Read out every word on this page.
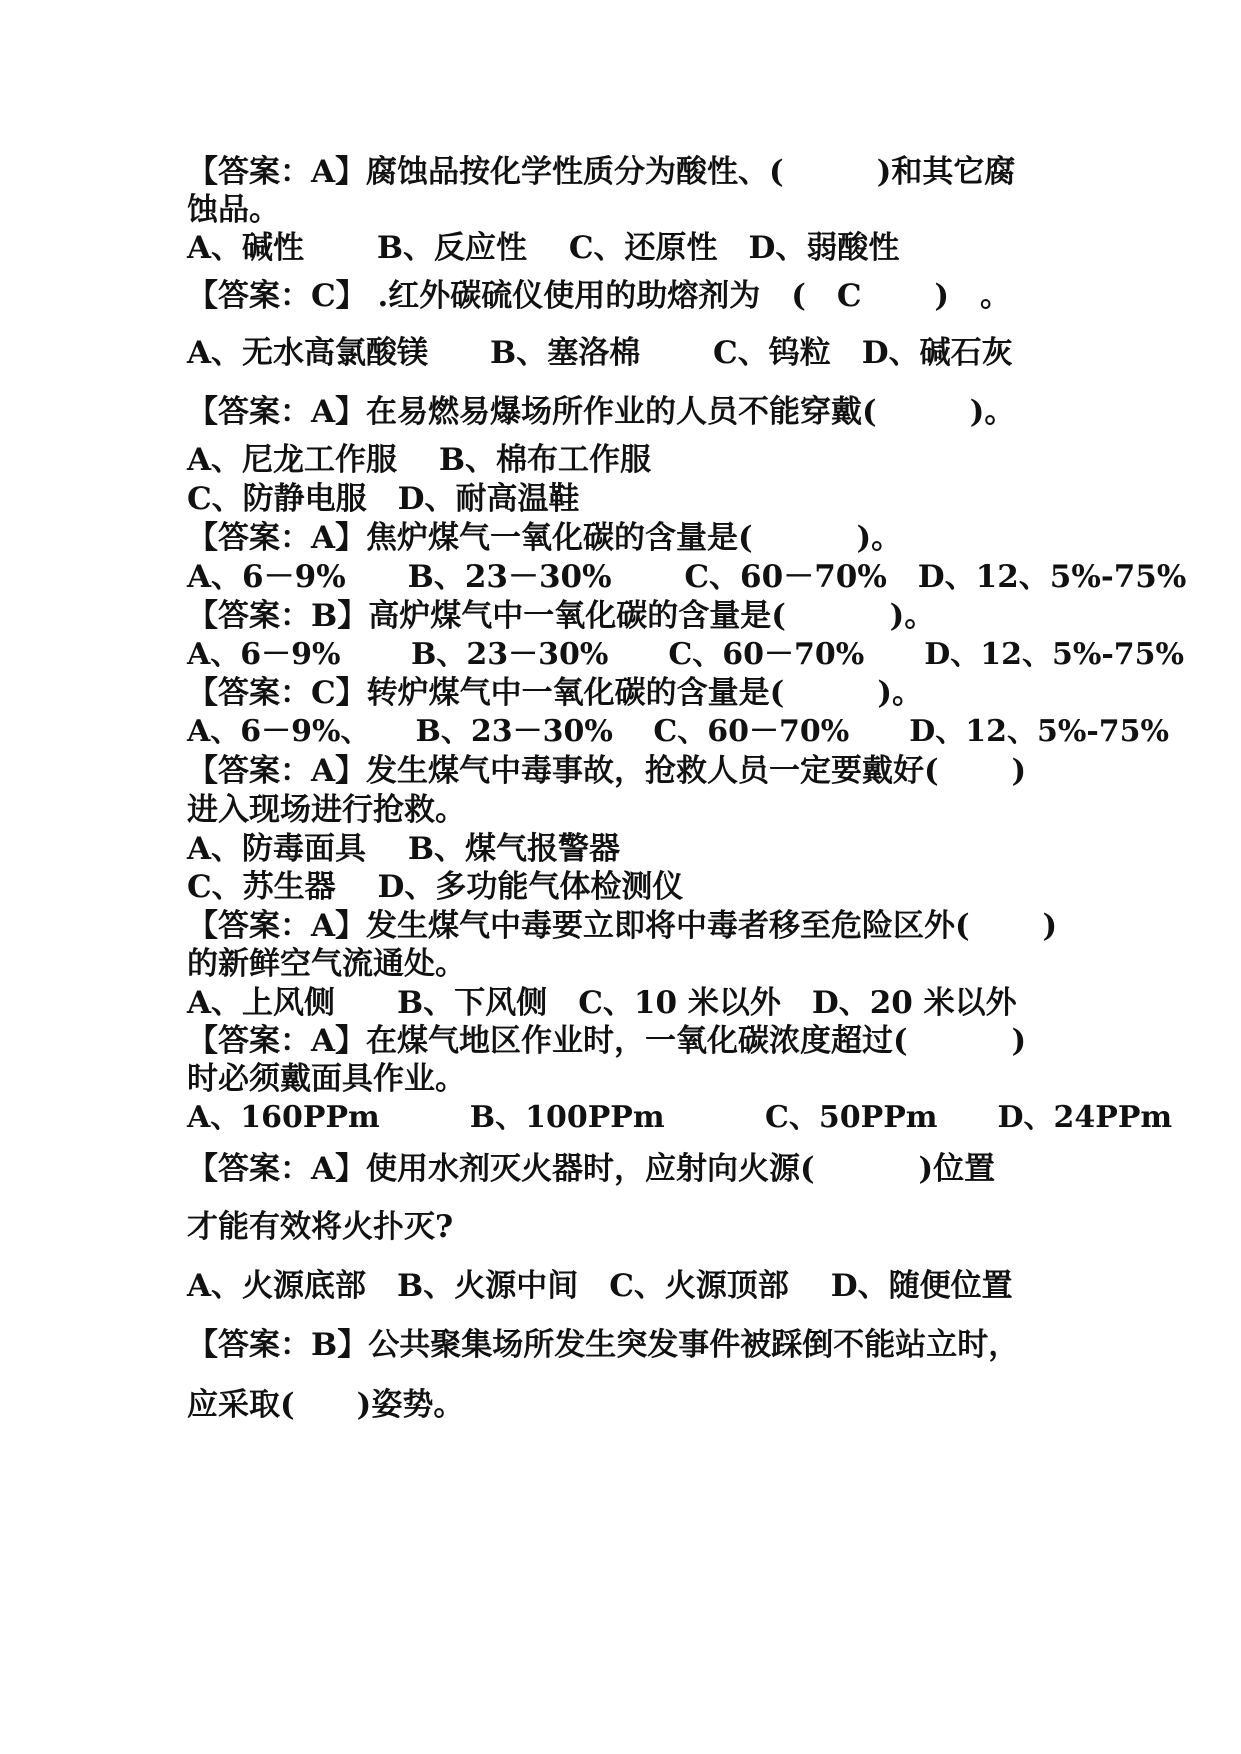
【答案：A】腐蚀品按化学性质分为酸性、(　　　)和其它腐

蚀品。

A、碱性　　 B、反应性　 C、还原性　D、弱酸性

【答案：C】 .红外碳硫仪使用的助熔剂为　(　C　　 )　。

A、无水高氯酸镁　　B、塞洛棉　　 C、钨粒　D、碱石灰

【答案：A】在易燃易爆场所作业的人员不能穿戴(　　　)。

A、尼龙工作服　 B、棉布工作服

C、防静电服　D、耐高温鞋

【答案：A】焦炉煤气一氧化碳的含量是(　　　 )。

A、6－9%　　B、23－30%　　 C、60－70%　D、12、5%-75%

【答案：B】高炉煤气中一氧化碳的含量是(　　　 )。

A、6－9%　　 B、23－30%　　C、60－70%　　D、12、5%-75%

【答案：C】转炉煤气中一氧化碳的含量是(　　　)。

A、6－9%、　　B、23－30%　 C、60－70%　　D、12、5%-75%

【答案：A】发生煤气中毒事故，抢救人员一定要戴好(　　 )

进入现场进行抢救。

A、防毒面具　 B、煤气报警器

C、苏生器　 D、多功能气体检测仪

【答案：A】发生煤气中毒要立即将中毒者移至危险区外(　　 )

的新鲜空气流通处。

A、上风侧　　B、下风侧　C、10 米以外　D、20 米以外

【答案：A】在煤气地区作业时，一氧化碳浓度超过(　　　 )

时必须戴面具作业。

A、160PPm　　　B、100PPm　　　 C、50PPm　　D、24PPm

【答案：A】使用水剂灭火器时，应射向火源(　　　 )位置

才能有效将火扑灭?

A、火源底部　B、火源中间　C、火源顶部　 D、随便位置

【答案：B】公共聚集场所发生突发事件被踩倒不能站立时，

应采取(　　)姿势。
